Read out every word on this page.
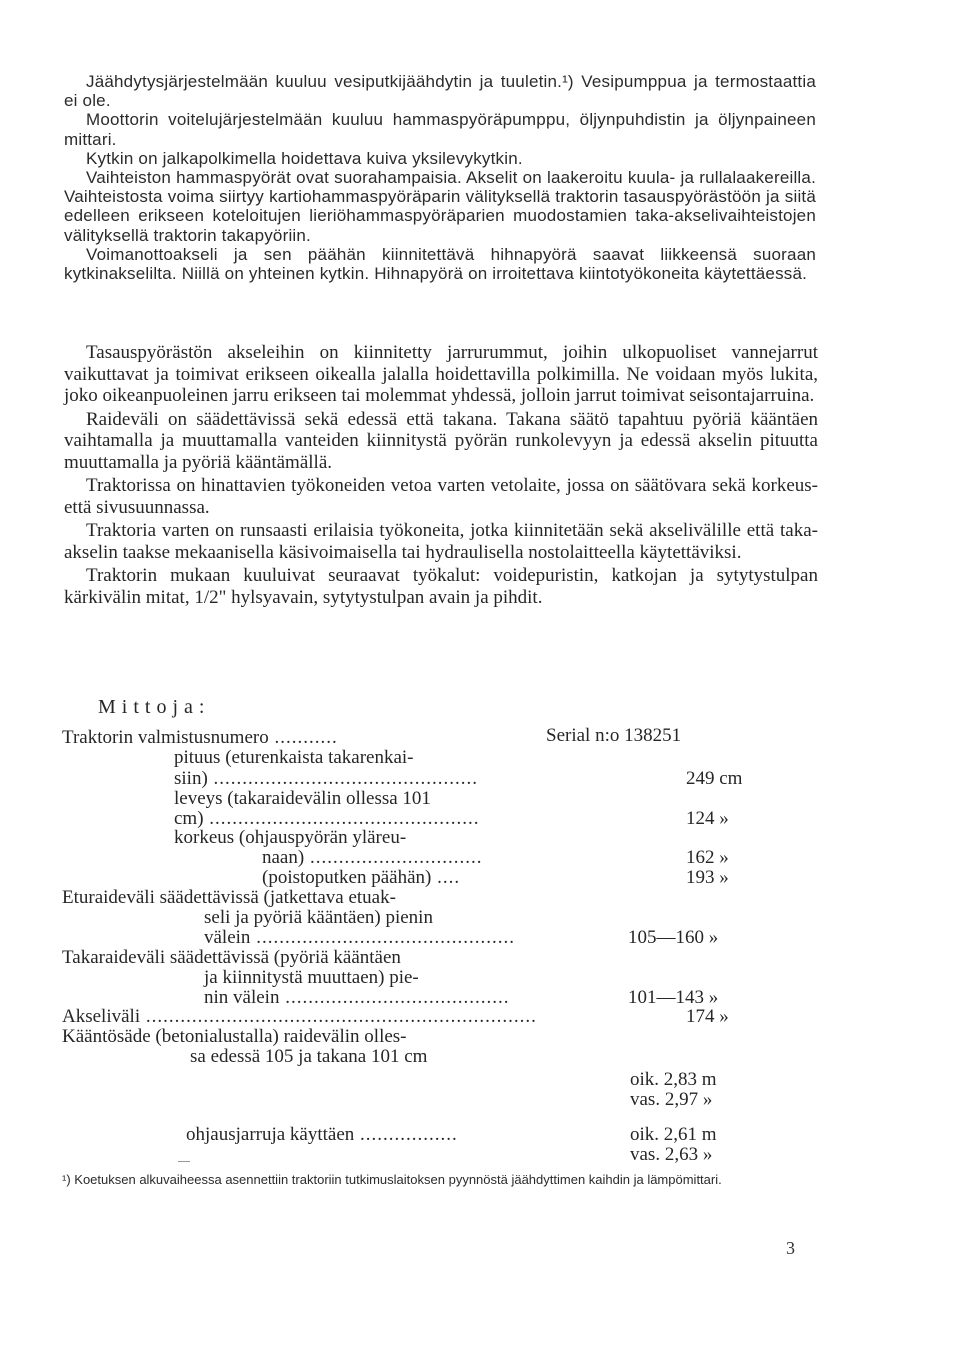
Jäähdytysjärjestelmään kuuluu vesiputkijäähdytin ja tuuletin.¹) Vesipumppua ja termostaattia ei ole.

Moottorin voitelujärjestelmään kuuluu hammaspyöräpumppu, öljynpuhdistin ja öljynpaineen mittari.

Kytkin on jalkapolkimella hoidettava kuiva yksilevykytkin.

Vaihteiston hammaspyörät ovat suorahampaisia. Akselit on laakeroitu kuula- ja rullalaakereilla. Vaihteistosta voima siirtyy kartiohammaspyöräparin välityksellä traktorin tasauspyörästöön ja siitä edelleen erikseen koteloitujen lieriöhammaspyöräparien muodostamien taka-akselivaihteistojen välityksellä traktorin takapyöriin.

Voimanottoakseli ja sen päähän kiinnitettävä hihnapyörä saavat liikkeensä suoraan kytkinakselilta. Niillä on yhteinen kytkin. Hihnapyörä on irroitettava kiintotyökoneita käytettäessä.

Tasauspyörästön akseleihin on kiinnitetty jarrurummut, joihin ulkopuoliset vannejarrut vaikuttavat ja toimivat erikseen oikealla jalalla hoidettavilla polkimilla. Ne voidaan myös lukita, joko oikeanpuoleinen jarru erikseen tai molemmat yhdessä, jolloin jarrut toimivat seisontajarruina.

Raideväli on säädettävissä sekä edessä että takana. Takana säätö tapahtuu pyöriä kääntäen vaihtamalla ja muuttamalla vanteiden kiinnitystä pyörän runkolevyyn ja edessä akselin pituutta muuttamalla ja pyöriä kääntämällä.

Traktorissa on hinattavien työkoneiden vetoa varten vetolaite, jossa on säätövara sekä korkeus- että sivusuunnassa.

Traktoria varten on runsaasti erilaisia työkoneita, jotka kiinnitetään sekä akselivälille että taka-akselin taakse mekaanisella käsivoimaisella tai hydraulisella nostolaitteella käytettäviksi.

Traktorin mukaan kuuluivat seuraavat työkalut: voidepuristin, katkojan ja sytytystulpan kärkivälin mitat, 1/2" hylsyavain, sytytystulpan avain ja pihdit.

Mittoja:
Traktorin valmistusnumero ...........	Serial n:o 138251
pituus (eturenkaista takarenkai-
siin) ..............................................	249 cm
leveys (takaraidevälin ollessa 101
cm) ...............................................	124 »
korkeus (ohjauspyörän yläreu-
naan) ..............................	162 »
(poistoputken päähän) ....	193 »
Eturaideväli säädettävissä (jatkettava etuak-
seli ja pyöriä kääntäen) pienin
välein .............................................	105—160 »
Takaraideväli säädettävissä (pyöriä kääntäen
ja kiinnitystä muuttaen) pie-
nin välein .......................................	101—143 »
Akseliväli ....................................................................	174 »
Kääntösäde (betonialustalla) raidevälin olles-
sa edessä 105 ja takana 101 cm
oik. 2,83 m
vas. 2,97 »
ohjausjarruja käyttäen .................	oik. 2,61 m
vas. 2,63 »
¹) Koetuksen alkuvaiheessa asennettiin traktoriin tutkimuslaitoksen pyynnöstä jäähdyttimen kaihdin ja lämpömittari.
3
